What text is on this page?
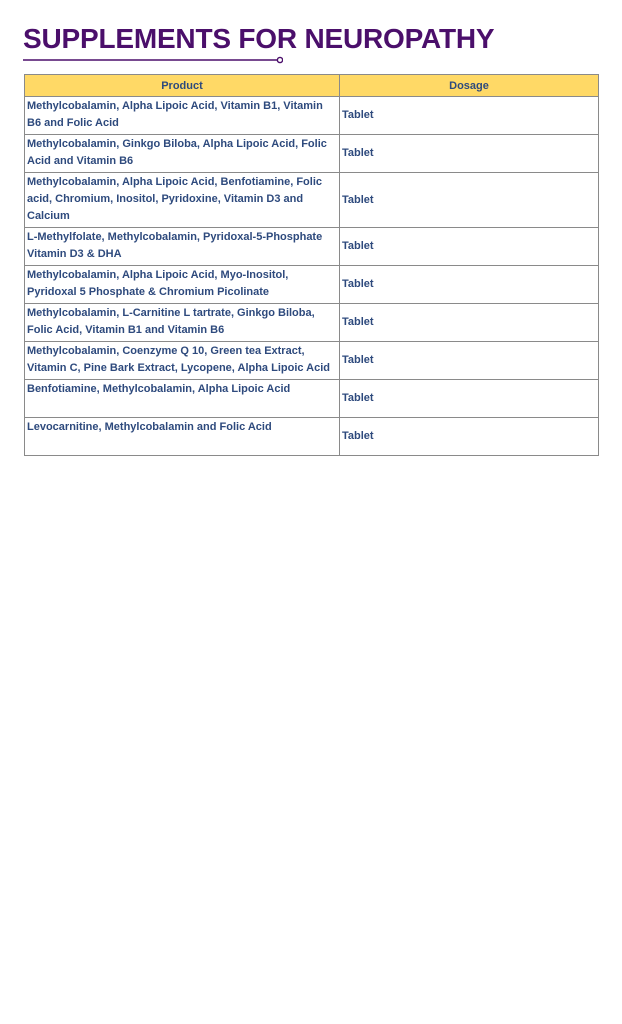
SUPPLEMENTS FOR NEUROPATHY
Product	Dosage
Methylcobalamin, Alpha Lipoic Acid, Vitamin B1, Vitamin B6 and Folic Acid	Tablet
Methylcobalamin, Ginkgo Biloba, Alpha Lipoic Acid, Folic Acid and Vitamin B6	Tablet
Methylcobalamin, Alpha Lipoic Acid, Benfotiamine, Folic acid, Chromium, Inositol, Pyridoxine, Vitamin D3 and Calcium	Tablet
L-Methylfolate, Methylcobalamin, Pyridoxal-5-Phosphate Vitamin D3 & DHA	Tablet
Methylcobalamin, Alpha Lipoic Acid, Myo-Inositol, Pyridoxal 5 Phosphate & Chromium Picolinate	Tablet
Methylcobalamin, L-Carnitine L tartrate, Ginkgo Biloba, Folic Acid, Vitamin B1 and Vitamin B6	Tablet
Methylcobalamin, Coenzyme Q 10, Green tea Extract, Vitamin C, Pine Bark Extract, Lycopene, Alpha Lipoic Acid	Tablet
Benfotiamine, Methylcobalamin, Alpha Lipoic Acid	Tablet
Levocarnitine, Methylcobalamin and Folic Acid	Tablet
